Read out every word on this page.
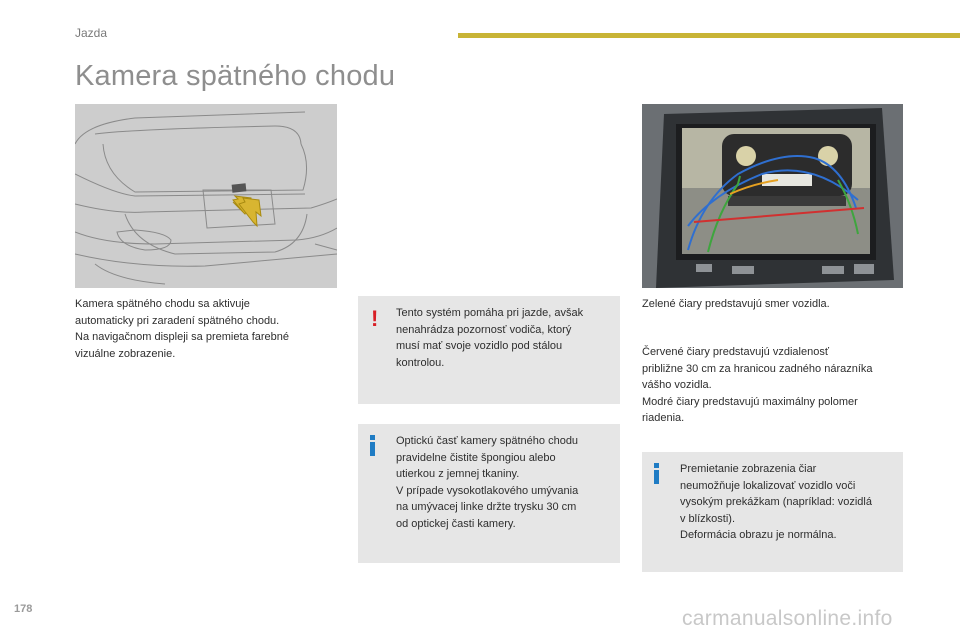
Jazda
Kamera spätného chodu
Kamera spätného chodu sa aktivuje
automaticky pri zaradení spätného chodu.
Na navigačnom displeji sa premieta farebné
vizuálne zobrazenie.
! Tento systém pomáha pri jazde, avšak
nenahrádza pozornosť vodiča, ktorý
musí mať svoje vozidlo pod stálou
kontrolou.
Optickú časť kamery spätného chodu
pravidelne čistite špongiou alebo
utierkou z jemnej tkaniny.
V prípade vysokotlakového umývania
na umývacej linke držte trysku 30 cm
od optickej časti kamery.
Zelené čiary predstavujú smer vozidla.
Červené čiary predstavujú vzdialenosť
približne 30 cm za hranicou zadného nárazníka
vášho vozidla.
Modré čiary predstavujú maximálny polomer
riadenia.
Premietanie zobrazenia čiar
neumožňuje lokalizovať vozidlo voči
vysokým prekážkam (napríklad: vozidlá
v blízkosti).
Deformácia obrazu je normálna.
178	carmanualsonline.info
